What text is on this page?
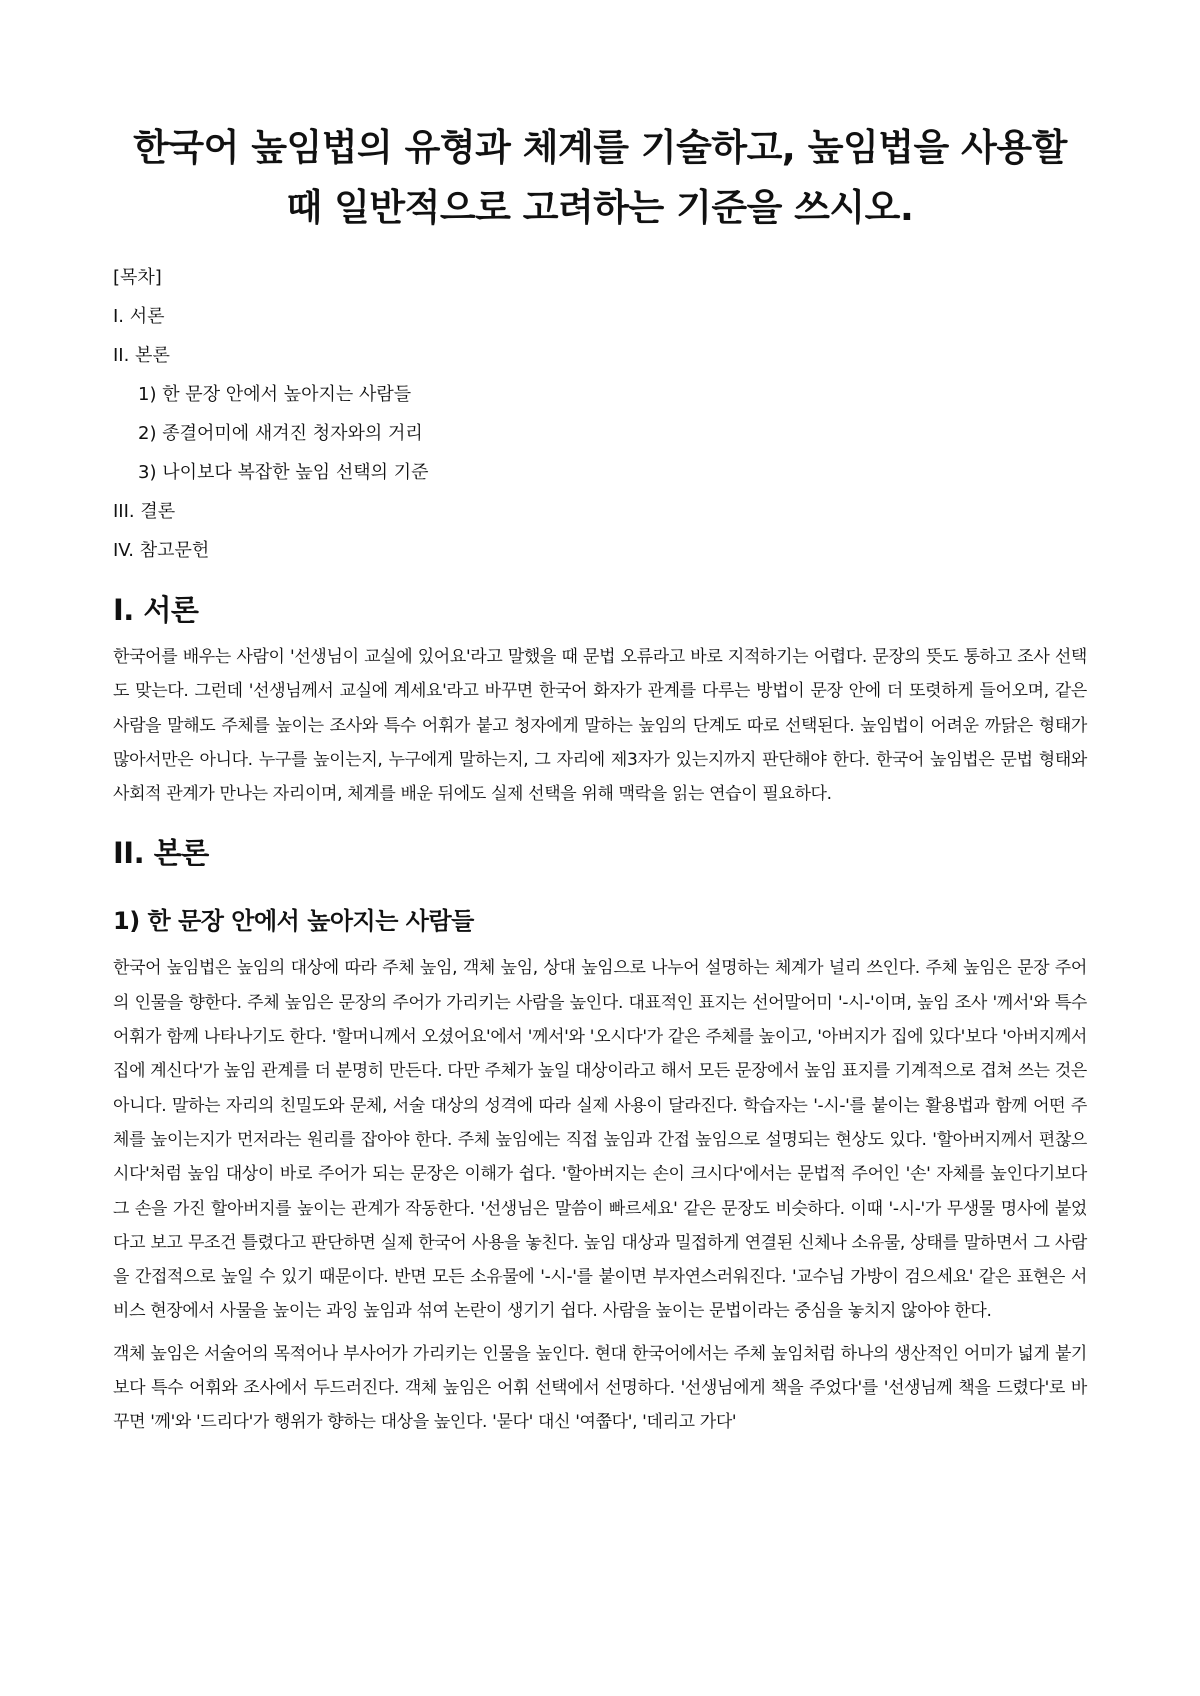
한국어 높임법의 유형과 체계를 기술하고, 높임법을 사용할 때 일반적으로 고려하는 기준을 쓰시오.
[목차]
I. 서론
II. 본론
1) 한 문장 안에서 높아지는 사람들
2) 종결어미에 새겨진 청자와의 거리
3) 나이보다 복잡한 높임 선택의 기준
III. 결론
IV. 참고문헌
I. 서론

한국어를 배우는 사람이 '선생님이 교실에 있어요'라고 말했을 때 문법 오류라고 바로 지적하기는 어렵다. 문장의 뜻도 통하고 조사 선택도 맞는다. 그런데 '선생님께서 교실에 계세요'라고 바꾸면 한국어 화자가 관계를 다루는 방법이 문장 안에 더 또렷하게 들어오며, 같은 사람을 말해도 주체를 높이는 조사와 특수 어휘가 붙고 청자에게 말하는 높임의 단계도 따로 선택된다. 높임법이 어려운 까닭은 형태가 많아서만은 아니다. 누구를 높이는지, 누구에게 말하는지, 그 자리에 제3자가 있는지까지 판단해야 한다. 한국어 높임법은 문법 형태와 사회적 관계가 만나는 자리이며, 체계를 배운 뒤에도 실제 선택을 위해 맥락을 읽는 연습이 필요하다.

II. 본론
1) 한 문장 안에서 높아지는 사람들

한국어 높임법은 높임의 대상에 따라 주체 높임, 객체 높임, 상대 높임으로 나누어 설명하는 체계가 널리 쓰인다. 주체 높임은 문장 주어의 인물을 향한다. 주체 높임은 문장의 주어가 가리키는 사람을 높인다. 대표적인 표지는 선어말어미 '-시-'이며, 높임 조사 '께서'와 특수 어휘가 함께 나타나기도 한다. '할머니께서 오셨어요'에서 '께서'와 '오시다'가 같은 주체를 높이고, '아버지가 집에 있다'보다 '아버지께서 집에 계신다'가 높임 관계를 더 분명히 만든다. 다만 주체가 높일 대상이라고 해서 모든 문장에서 높임 표지를 기계적으로 겹쳐 쓰는 것은 아니다. 말하는 자리의 친밀도와 문체, 서술 대상의 성격에 따라 실제 사용이 달라진다. 학습자는 '-시-'를 붙이는 활용법과 함께 어떤 주체를 높이는지가 먼저라는 원리를 잡아야 한다. 주체 높임에는 직접 높임과 간접 높임으로 설명되는 현상도 있다. '할아버지께서 편찮으시다'처럼 높임 대상이 바로 주어가 되는 문장은 이해가 쉽다. '할아버지는 손이 크시다'에서는 문법적 주어인 '손' 자체를 높인다기보다 그 손을 가진 할아버지를 높이는 관계가 작동한다. '선생님은 말씀이 빠르세요' 같은 문장도 비슷하다. 이때 '-시-'가 무생물 명사에 붙었다고 보고 무조건 틀렸다고 판단하면 실제 한국어 사용을 놓친다. 높임 대상과 밀접하게 연결된 신체나 소유물, 상태를 말하면서 그 사람을 간접적으로 높일 수 있기 때문이다. 반면 모든 소유물에 '-시-'를 붙이면 부자연스러워진다. '교수님 가방이 검으세요' 같은 표현은 서비스 현장에서 사물을 높이는 과잉 높임과 섞여 논란이 생기기 쉽다. 사람을 높이는 문법이라는 중심을 놓치지 않아야 한다.

객체 높임은 서술어의 목적어나 부사어가 가리키는 인물을 높인다. 현대 한국어에서는 주체 높임처럼 하나의 생산적인 어미가 넓게 붙기보다 특수 어휘와 조사에서 두드러진다. 객체 높임은 어휘 선택에서 선명하다. '선생님에게 책을 주었다'를 '선생님께 책을 드렸다'로 바꾸면 '께'와 '드리다'가 행위가 향하는 대상을 높인다. '묻다' 대신 '여쭙다', '데리고 가다'
